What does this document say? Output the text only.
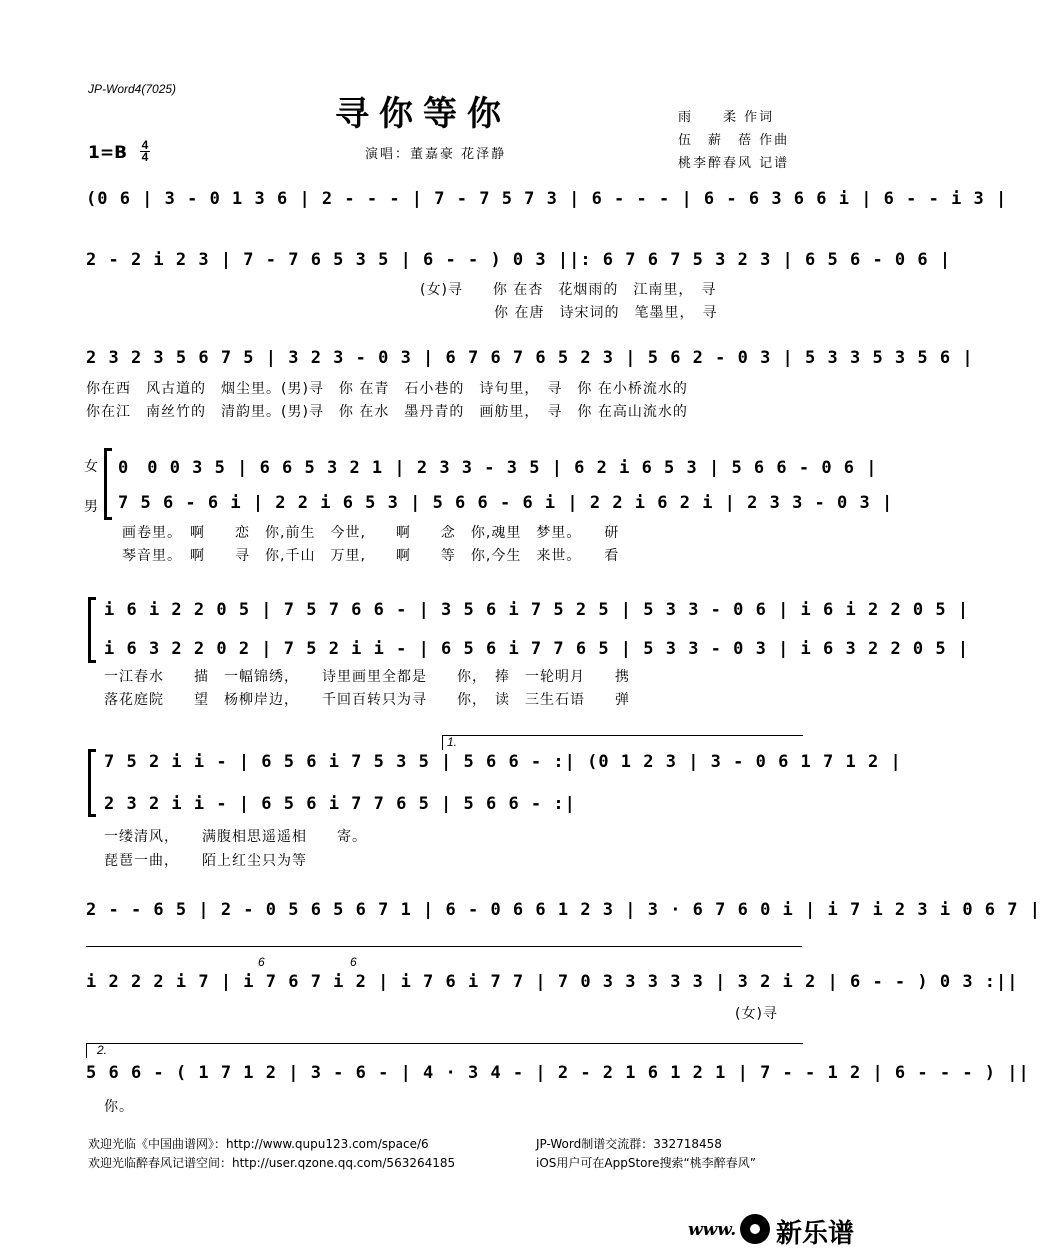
JP-Word4(7025)
寻你等你
$1=B \frac{4}{4}$	演唱：董嘉豪 花泽静
雨　　柔 作词
伍　薪　蓓 作曲
桃李醉春风 记谱
(0 6 | 3 - 0 1 3 6 | 2 - - - | 7 - 7 5 7 3 | 6 - - - | 6 - 6 3 6 6 i | 6 - - i 3 |
2 - 2 i 2 3 | 7 - 7 6 5 3 5 | 6 - - ) 0 3 ||: 6 7 6 7 5 3 2 3 | 6 5 6 - 0 6 |
(女)寻　　你 在杏　花烟雨的　江南里，　寻
你 在唐　诗宋词的　笔墨里，　寻
2 3 2 3 5 6 7 5 | 3 2 3 - 0 3 | 6 7 6 7 6 5 2 3 | 5 6 2 - 0 3 | 5 3 3 5 3 5 6 |
你在西　风古道的　烟尘里。(男)寻　你 在青　石小巷的　诗句里，　寻　你 在小桥流水的
你在江　南丝竹的　清韵里。(男)寻　你 在水　墨丹青的　画舫里，　寻　你 在高山流水的
女
男
0　0 0 3 5 | 6 6 5 3 2 1 | 2 3 3 - 3 5 | 6 2 i 6 5 3 | 5 6 6 - 0 6 |
7 5 6 - 6 i | 2 2 i 6 5 3 | 5 6 6 - 6 i | 2 2 i 6 2 i | 2 3 3 - 0 3 |
画卷里。　啊　　恋　你,前生　今世,　　啊　　念　你,魂里　梦里。　　研
琴音里。　啊　　寻　你,千山　万里,　　啊　　等　你,今生　来世。　　看
i 6 i 2 2 0 5 | 7 5 7 6 6 - | 3 5 6 i 7 5 2 5 | 5 3 3 - 0 6 | i 6 i 2 2 0 5 |
i 6 3 2 2 0 2 | 7 5 2 i i - | 6 5 6 i 7 7 6 5 | 5 3 3 - 0 3 | i 6 3 2 2 0 5 |
一江春水　　描　一幅锦绣，　　诗里画里全都是　　你，　捧　一轮明月　　携
落花庭院　　望　杨柳岸边，　　千回百转只为寻　　你，　读　三生石语　　弹
1.
7 5 2 i i - | 6 5 6 i 7 5 3 5 | 5 6 6 - :| (0 1 2 3 | 3 - 0 6 1 7 1 2 |
2 3 2 i i - | 6 5 6 i 7 7 6 5 | 5 6 6 - :|
一缕清风，　　满腹相思遥遥相　　寄。
琵琶一曲，　　陌上红尘只为等
2 - - 6 5 | 2 - 0 5 6 5 6 7 1 | 6 - 0 6 6 1 2 3 | 3 · 6 7 6 0 i | i 7 i 2 3 i 0 6 7 |
6	6
i 2 2 2 i 7 | i 7 6 7 i 2 | i 7 6 i 7 7 | 7 0 3 3 3 3 3 | 3 2 i 2 | 6 - - ) 0 3 :||
(女)寻
2.
5 6 6 - ( 1 7 1 2 | 3 - 6 - | 4 · 3 4 - | 2 - 2 1 6 1 2 1 | 7 - - 1 2 | 6 - - - ) ||
你。
欢迎光临《中国曲谱网》：http://www.qupu123.com/space/6
欢迎光临醉春风记谱空间：http://user.qzone.qq.com/563264185
JP-Word制谱交流群：332718458
iOS用户可在AppStore搜索“桃李醉春风”
www. 新乐谱
